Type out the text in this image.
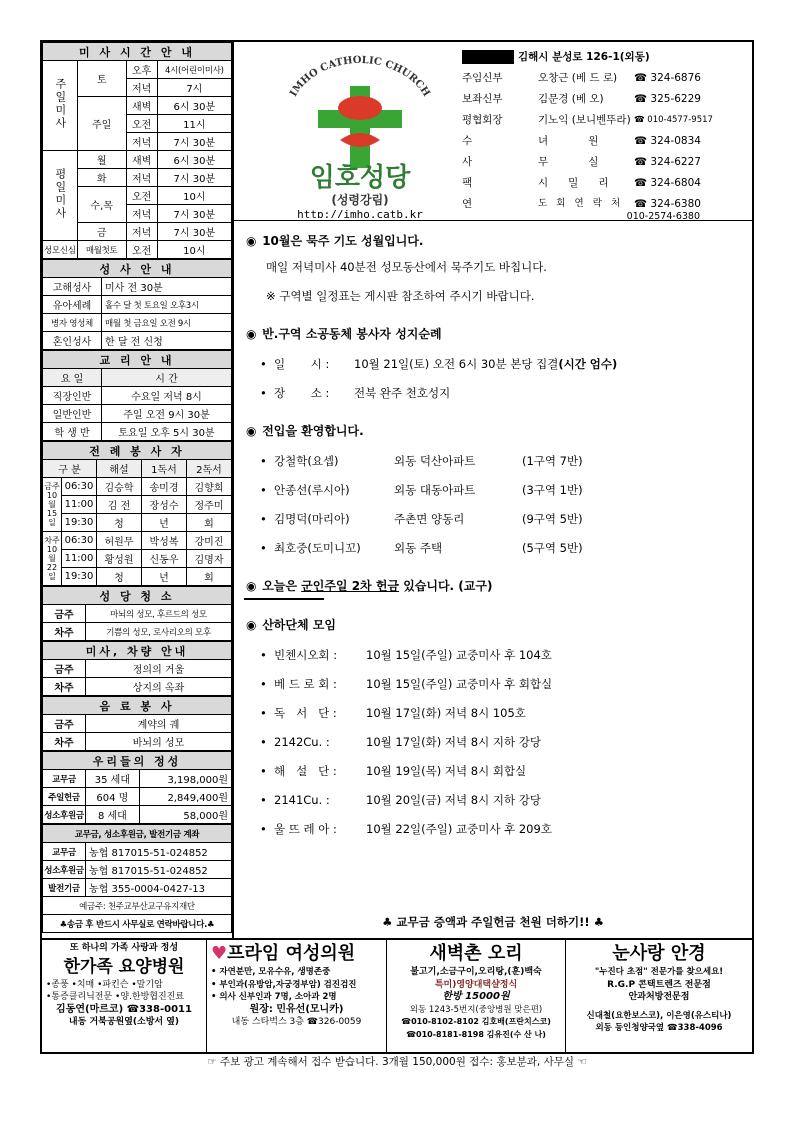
미 사 시 간 안 내			
주일미사	토	오후	4시(어린이미사)
		저녁	7시
	주일	새벽	6시 30분
		오전	11시
		저녁	7시 30분
평일미사	월	새벽	6시 30분
	화	저녁	7시 30분
	수,목	오전	10시
		저녁	7시 30분
	금	저녁	7시 30분
성모신심	매월첫토	오전	10시
성 사 안 내	
고해성사	미사 전 30분
유아세례	홀수 달 첫 토요일 오후3시
병자 영성체	매월 첫 금요일 오전 9시
혼인성사	한 달 전 신청
교 리 안 내	
요 일	시 간
직장인반	수요일 저녁 8시
일반인반	주일 오전 9시 30분
학 생 반	토요일 오후 5시 30분
전 례 봉 사 자				
구 분		해설	1독서	2독서
금주 10월 15일	06:30	김승학	송미경	김향희
	11:00	김 전	장성수	정주미
	19:30	청	년	회
차주 10월 22일	06:30	허원무	박성복	강미진
	11:00	황성원	신동우	김명자
	19:30	청	년	회
성 당 청 소	
금주	마뇌의 성모, 후르드의 성모
차주	기쁨의 성모, 로사리오의 모후
미사, 차량 안내	
금주	정의의 거울
차주	상지의 옥좌
음 료 봉 사	
금주	계약의 궤
차주	바뇌의 성모
우리들의 정성		
교무금	35 세대	3,198,000원
주일헌금	604 명	2,849,400원
성소후원금	8 세대	58,000원
교무금, 성소후원금, 발전기금 계좌	
교무금	농협 817015-51-024852
성소후원금	농협 817015-51-024852
발전기금	농협 355-0004-0427-13
예금주: 천주교부산교구유지재단	
♣송금 후 반드시 사무실로 연락바랍니다.♣	
IMHO CATHOLIC CHURCH
임호성당
(성령강림)
http://imho.catb.kr
김해시 분성로 126-1(외동)
주임신부	오창근 (베 드 로)	☎ 324-6876
보좌신부	김문경 (베 오)	☎ 325-6229
평협회장	기노익 (보니벤뚜라) ☎ 010-4577-9517
수	녀            원	☎ 324-0834
사	무            실	☎ 324-6227
팩	시      밀      리	☎ 324-6804
연	도   회   연   락   처	☎ 324-6380
010-2574-6380
◉ 10월은 묵주 기도 성월입니다.
매일 저녁미사 40분전 성모동산에서 묵주기도 바칩니다.
※ 구역별 일정표는 게시판 참조하여 주시기 바랍니다.
◉ 반.구역 소공동체 봉사자 성지순례
• 일       시 :	10월 21일(토) 오전 6시 30분 본당 집결 (시간 엄수)
• 장       소 :	전북 완주 천호성지
◉ 전입을 환영합니다.
• 강철학(요셉)	외동 덕산아파트	(1구역 7반)
• 안종선(루시아)	외동 대동아파트	(3구역 1반)
• 김명덕(마리아)	주촌면 양동리	(9구역 5반)
• 최호중(도미니꼬)	외동 주택	(5구역 5반)
◉ 오늘은 군인주일 2차 헌금 있습니다. (교구)
◉ 산하단체 모임
• 빈첸시오회 :	10월 15일(주일) 교중미사 후 104호
• 베 드 로 회 :	10월 15일(주일) 교중미사 후 회합실
• 독   서   단 :	10월 17일(화) 저녁 8시 105호
• 2142Cu. :	10월 17일(화) 저녁 8시 지하 강당
• 해   설   단 :	10월 19일(목) 저녁 8시 회합실
• 2141Cu. :	10월 20일(금) 저녁 8시 지하 강당
• 울 뜨 레 아 :	10월 22일(주일) 교중미사 후 209호
♣ 교무금 증액과 주일헌금 천원 더하기!! ♣
또 하나의 가족 사랑과 정성
한가족 요양병원
•종풍 •치매 •파킨슨 •말기암
•통증클리닉전문 •양.한방협진진료
김동연(마르코) ☎338-0011
내동 거북공원옆(소방서 옆)
♥프라임 여성의원
• 자연분만, 모유수유, 생명존중
• 부인과(유방암,자궁경부암) 검진검진
• 의사 신부인과 7명, 소아과 2명
원장: 민유선(모니카)
내동 스타벅스 3층 ☎326-0059
새벽촌 오리
불고기,소금구이,오리탕,(훈)백숙
특미)영양대택샬정식
한방 15000원
외동 1243-5번지(중앙병원 맞은편)
☎010-8102-8102 김호배(프란치스코)
☎010-8181-8198 김유진(수 산 나)
눈사랑 안경
"누진다 초점" 전문가를 찾으세요!
R.G.P 콘택트렌즈 전문점
안과처방전문점
신대철(요한보스코), 이은영(유스티나)
외동 동인청양국옆 ☎338-4096
☞ 주보 광고 계속해서 접수 받습니다. 3개월 150,000원 접수: 홍보분과, 사무실 ☜
